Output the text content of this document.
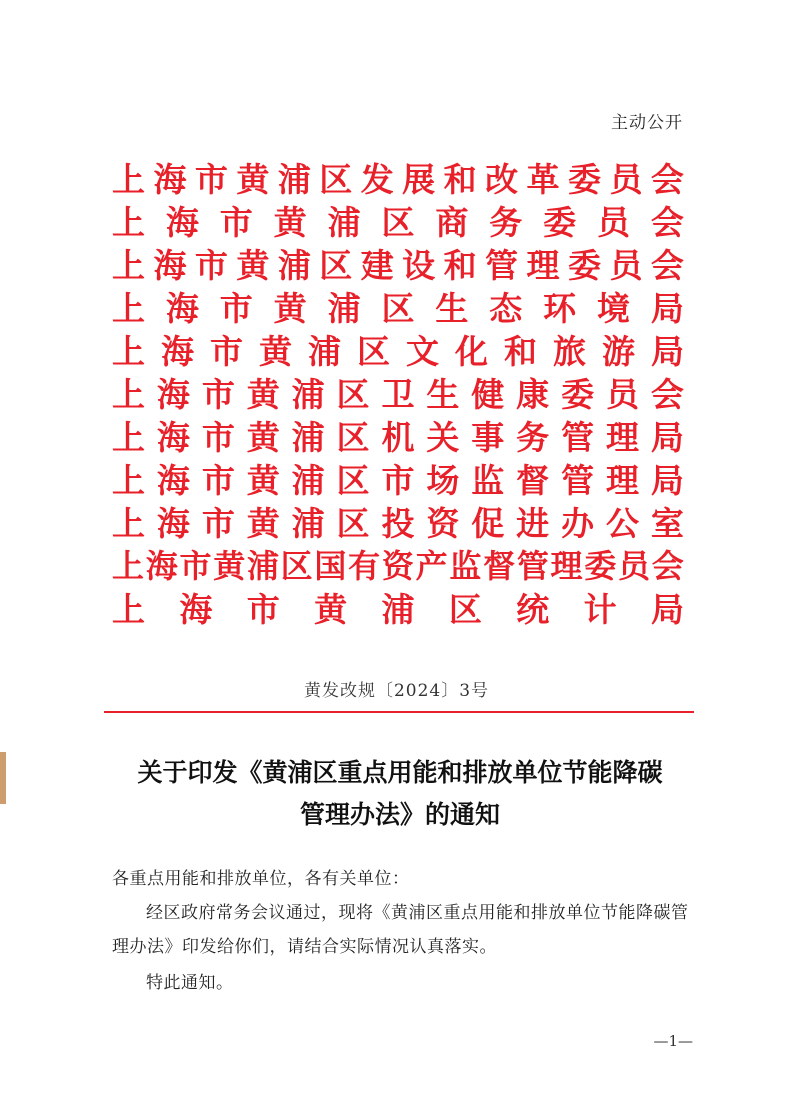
主动公开
上 海 市 黄 浦 区 发 展 和 改 革 委 员 会
上 海 市 黄 浦 区 商 务 委 员 会
上 海 市 黄 浦 区 建 设 和 管 理 委 员 会
上 海 市 黄 浦 区 生 态 环 境 局
上 海 市 黄 浦 区 文 化 和 旅 游 局
上 海 市 黄 浦 区 卫 生 健 康 委 员 会
上 海 市 黄 浦 区 机 关 事 务 管 理 局
上 海 市 黄 浦 区 市 场 监 督 管 理 局
上 海 市 黄 浦 区 投 资 促 进 办 公 室
上 海 市 黄 浦 区 国 有 资 产 监 督 管 理 委 员 会
上 海 市 黄 浦 区 统 计 局
黄发改规〔2024〕3号
关于印发《黄浦区重点用能和排放单位节能降碳
管理办法》的通知
各重点用能和排放单位，各有关单位：
经区政府常务会议通过，现将《黄浦区重点用能和排放单位节能降碳管理办法》印发给你们，请结合实际情况认真落实。
特此通知。
—1—
